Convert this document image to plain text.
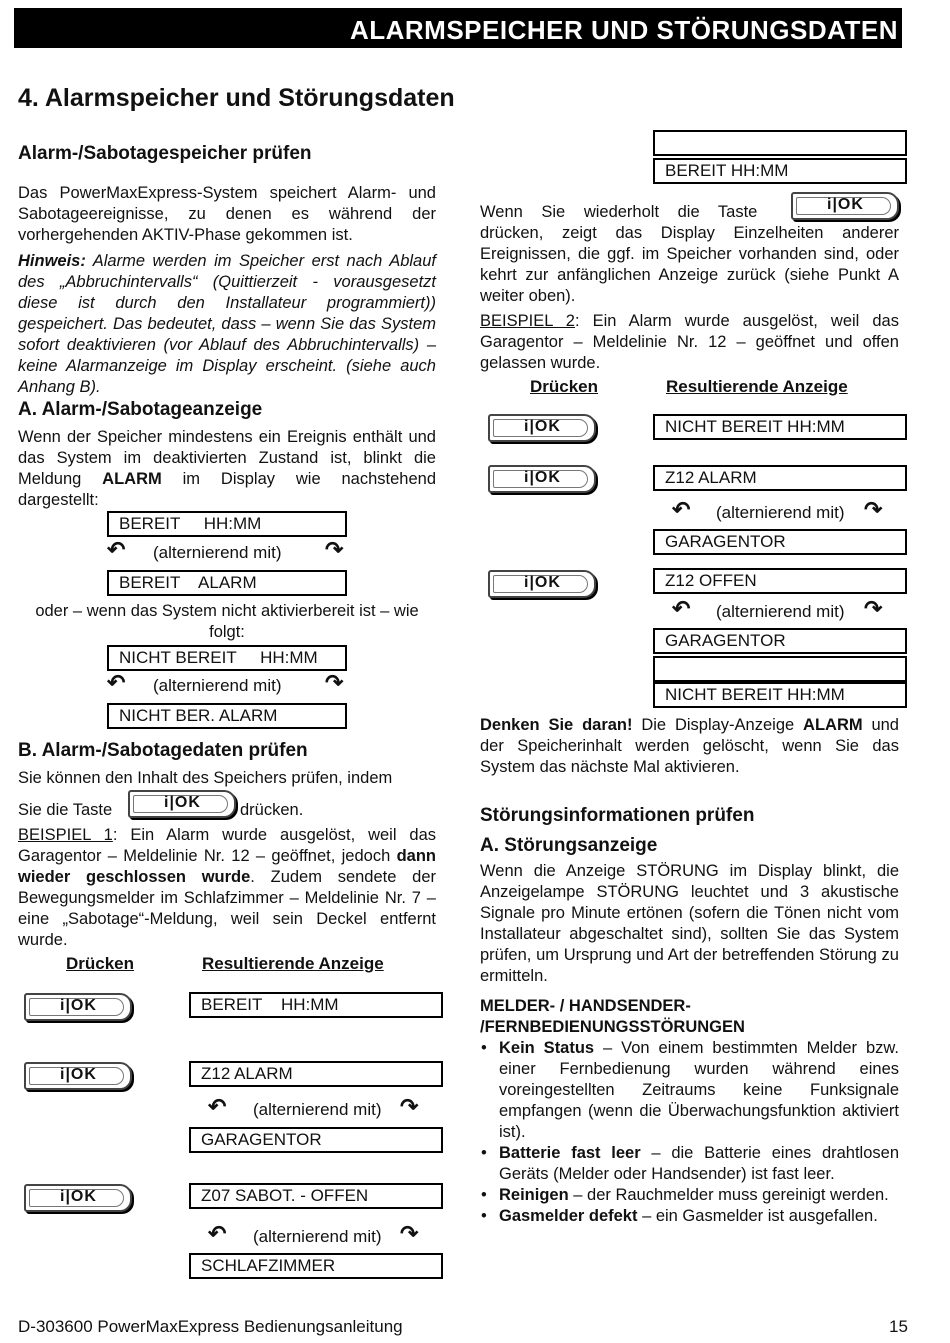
ALARMSPEICHER UND STÖRUNGSDATEN
4. Alarmspeicher und Störungsdaten
Alarm-/Sabotagespeicher prüfen
Das PowerMaxExpress-System speichert Alarm- und Sabotageereignisse, zu denen es während der vorhergehenden AKTIV-Phase gekommen ist.
Hinweis: Alarme werden im Speicher erst nach Ablauf des „Abbruchintervalls“ (Quittierzeit - vorausgesetzt diese ist durch den Installateur programmiert)) gespeichert. Das bedeutet, dass – wenn Sie das System sofort deaktivieren (vor Ablauf des Abbruchintervalls) – keine Alarmanzeige im Display erscheint. (siehe auch Anhang B).
A. Alarm-/Sabotageanzeige
Wenn der Speicher mindestens ein Ereignis enthält und das System im deaktivierten Zustand ist, blinkt die Meldung ALARM im Display wie nachstehend dargestellt:
BEREIT     HH:MM
↶ (alternierend mit) ↷
BEREIT    ALARM
oder – wenn das System nicht aktivierbereit ist – wie folgt:
NICHT BEREIT     HH:MM
↶ (alternierend mit) ↷
NICHT BER. ALARM
B. Alarm-/Sabotagedaten prüfen
Sie können den Inhalt des Speichers prüfen, indem
Sie die Taste	i|OK drücken.
BEISPIEL 1: Ein Alarm wurde ausgelöst, weil das Garagentor – Meldelinie Nr. 12 – geöffnet, jedoch dann wieder geschlossen wurde. Zudem sendete der Bewegungsmelder im Schlafzimmer – Meldelinie Nr. 7 – eine „Sabotage“-Meldung, weil sein Deckel entfernt wurde.
Drücken	Resultierende Anzeige
i|OK	BEREIT    HH:MM
i|OK	Z12 ALARM
↶ (alternierend mit) ↷
GARAGENTOR
i|OK	Z07 SABOT. - OFFEN
↶ (alternierend mit) ↷
SCHLAFZIMMER
BEREIT HH:MM
Wenn Sie wiederholt die Taste	i|OK
drücken, zeigt das Display Einzelheiten anderer Ereignissen, die ggf. im Speicher vorhanden sind, oder kehrt zur anfänglichen Anzeige zurück (siehe Punkt A weiter oben).
BEISPIEL 2: Ein Alarm wurde ausgelöst, weil das Garagentor – Meldelinie Nr. 12 – geöffnet und offen gelassen wurde.
Drücken	Resultierende Anzeige
i|OK	NICHT BEREIT HH:MM
i|OK	Z12 ALARM
↶ (alternierend mit) ↷
GARAGENTOR
i|OK	Z12 OFFEN
↶ (alternierend mit) ↷
GARAGENTOR
NICHT BEREIT HH:MM
Denken Sie daran! Die Display-Anzeige ALARM und der Speicherinhalt werden gelöscht, wenn Sie das System das nächste Mal aktivieren.
Störungsinformationen prüfen
A. Störungsanzeige
Wenn die Anzeige STÖRUNG im Display blinkt, die Anzeigelampe STÖRUNG leuchtet und 3 akustische Signale pro Minute ertönen (sofern die Tönen nicht vom Installateur abgeschaltet sind), sollten Sie das System prüfen, um Ursprung und Art der betreffenden Störung zu ermitteln.
MELDER- / HANDSENDER-
/FERNBEDIENUNGSSTÖRUNGEN
• Kein Status – Von einem bestimmten Melder bzw. einer Fernbedienung wurden während eines voreingestellten Zeitraums keine Funksignale empfangen (wenn die Überwachungsfunktion aktiviert ist).
• Batterie fast leer – die Batterie eines drahtlosen Geräts (Melder oder Handsender) ist fast leer.
• Reinigen – der Rauchmelder muss gereinigt werden.
• Gasmelder defekt – ein Gasmelder ist ausgefallen.
D-303600 PowerMaxExpress Bedienungsanleitung	15
